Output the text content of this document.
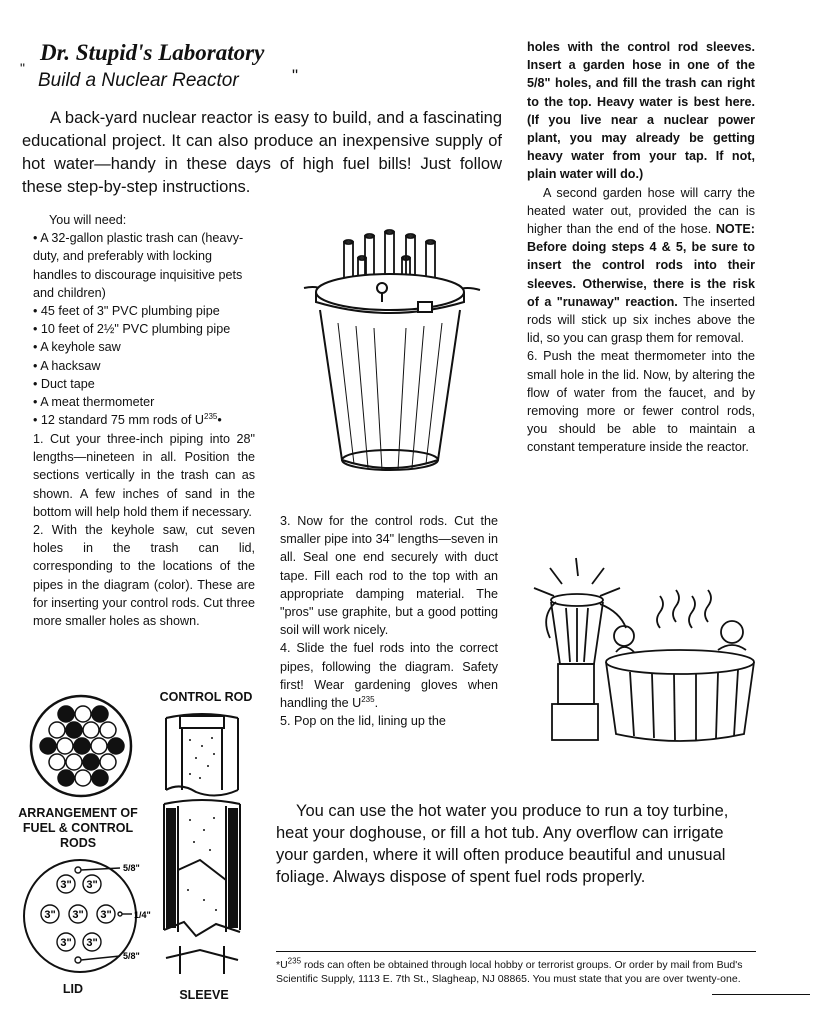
Dr. Stupid's Laboratory
"
Build a Nuclear Reactor	"
A back-yard nuclear reactor is easy to build, and a fascinating educational project. It can also produce an inexpensive supply of hot water—handy in these days of high fuel bills! Just follow these step-by-step instructions.

You will need:

• A 32-gallon plastic trash can (heavy-duty, and preferably with locking handles to discourage inquisitive pets and children)

• 45 feet of 3" PVC plumbing pipe

• 10 feet of 2½" PVC plumbing pipe

• A keyhole saw

• A hacksaw

• Duct tape

• A meat thermometer

• 12 standard 75 mm rods of $U^{235}•$

1. Cut your three-inch piping into 28" lengths—nineteen in all. Position the sections vertically in the trash can as shown. A few inches of sand in the bottom will help hold them if necessary.

2. With the keyhole saw, cut seven holes in the trash can lid, corresponding to the locations of the pipes in the diagram (color). These are for inserting your control rods. Cut three more smaller holes as shown.

3. Now for the control rods. Cut the smaller pipe into 34" lengths—seven in all. Seal one end securely with duct tape. Fill each rod to the top with an appropriate damping material. The "pros" use graphite, but a good potting soil will work nicely.

4. Slide the fuel rods into the correct pipes, following the diagram. Safety first! Wear gardening gloves when handling the $U^{235}$.

5. Pop on the lid, lining up the

holes with the control rod sleeves. Insert a garden hose in one of the 5/8" holes, and fill the trash can right to the top. Heavy water is best here. (If you live near a nuclear power plant, you may already be getting heavy water from your tap. If not, plain water will do.)

A second garden hose will carry the heated water out, provided the can is higher than the end of the hose. NOTE: Before doing steps 4 & 5, be sure to insert the control rods into their sleeves. Otherwise, there is the risk of a "runaway" reaction. The inserted rods will stick up six inches above the lid, so you can grasp them for removal.

6. Push the meat thermometer into the small hole in the lid. Now, by altering the flow of water from the faucet, and by removing more or fewer control rods, you should be able to maintain a constant temperature inside the reactor.

ARRANGEMENT OF FUEL & CONTROL RODS
3" 3"
3" 3" 3"
3" 3"
5/8"
1/4"
5/8"
LID
CONTROL ROD
SLEEVE
You can use the hot water you produce to run a toy turbine, heat your doghouse, or fill a hot tub. Any overflow can irrigate your garden, where it will often produce beautiful and unusual foliage. Always dispose of spent fuel rods properly.
$*U^{235}$ rods can often be obtained through local hobby or terrorist groups. Or order by mail from Bud's Scientific Supply, 1113 E. 7th St., Slagheap, NJ 08865. You must state that you are over twenty-one.
